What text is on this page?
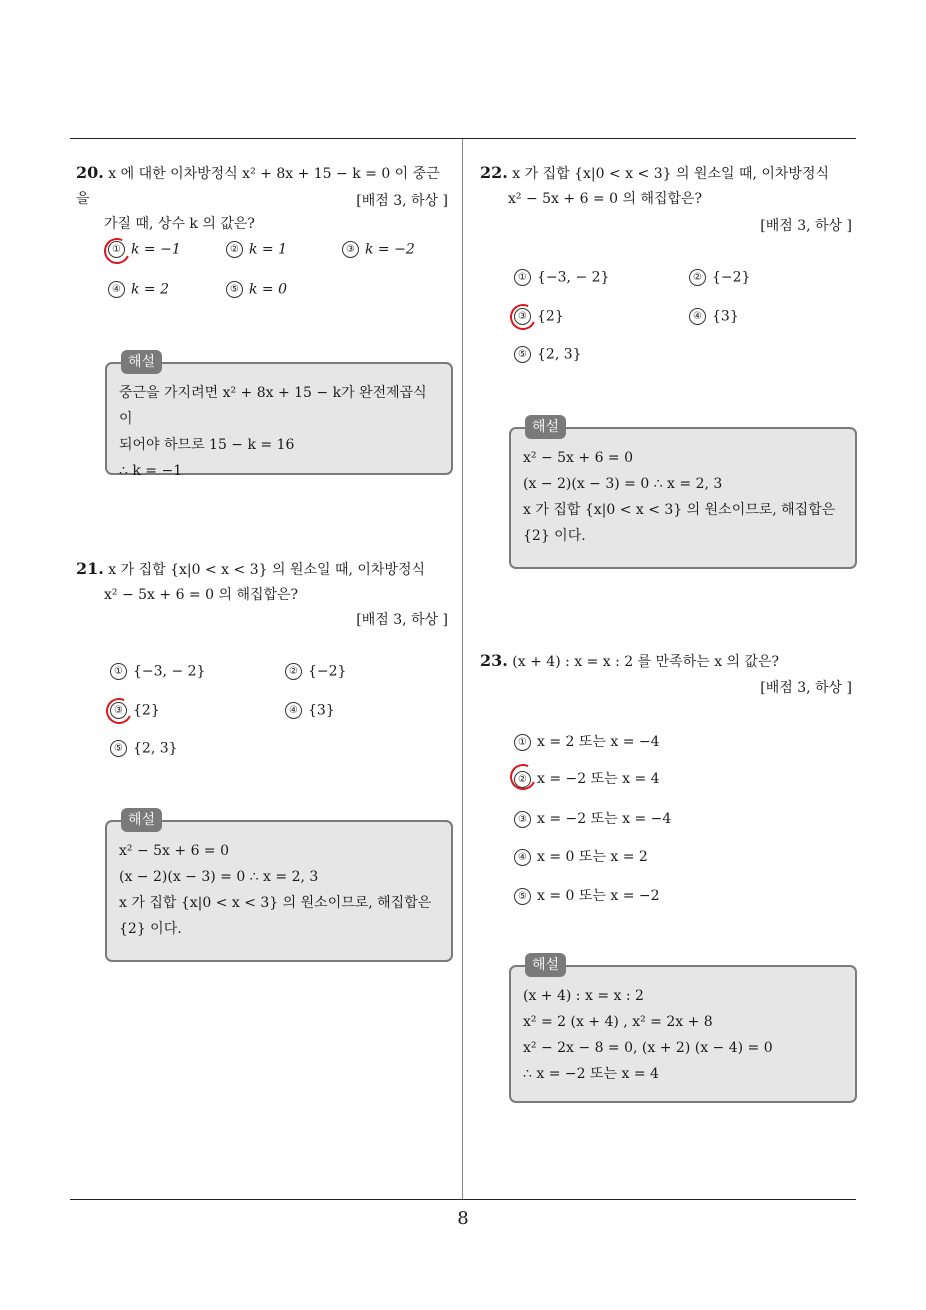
20. x 에 대한 이차방정식 x² + 8x + 15 − k = 0 이 중근을

가질 때, 상수 k 의 값은?

[배점 3, 하상 ]
① k = −1	② k = 1	③ k = −2
④ k = 2	⑤ k = 0
해설

중근을 가지려면 x² + 8x + 15 − k가 완전제곱식이

되어야 하므로 15 − k = 16

∴ k = −1

21. x 가 집합 {x|0 < x < 3} 의 원소일 때, 이차방정식

x² − 5x + 6 = 0 의 해집합은?

[배점 3, 하상 ]
① {−3, − 2}	② {−2}
③ {2}	④ {3}
⑤ {2, 3}
해설

x² − 5x + 6 = 0

(x − 2)(x − 3) = 0 ∴ x = 2, 3

x 가 집합 {x|0 < x < 3} 의 원소이므로, 해집합은

{2} 이다.

22. x 가 집합 {x|0 < x < 3} 의 원소일 때, 이차방정식

x² − 5x + 6 = 0 의 해집합은?

[배점 3, 하상 ]
① {−3, − 2}	② {−2}
③ {2}	④ {3}
⑤ {2, 3}
해설

x² − 5x + 6 = 0

(x − 2)(x − 3) = 0 ∴ x = 2, 3

x 가 집합 {x|0 < x < 3} 의 원소이므로, 해집합은

{2} 이다.

23. (x + 4) : x = x : 2 를 만족하는 x 의 값은?

[배점 3, 하상 ]
① x = 2 또는 x = −4
② x = −2 또는 x = 4
③ x = −2 또는 x = −4
④ x = 0 또는 x = 2
⑤ x = 0 또는 x = −2
해설

(x + 4) : x = x : 2

x² = 2 (x + 4) , x² = 2x + 8

x² − 2x − 8 = 0, (x + 2) (x − 4) = 0

∴ x = −2 또는 x = 4

8
